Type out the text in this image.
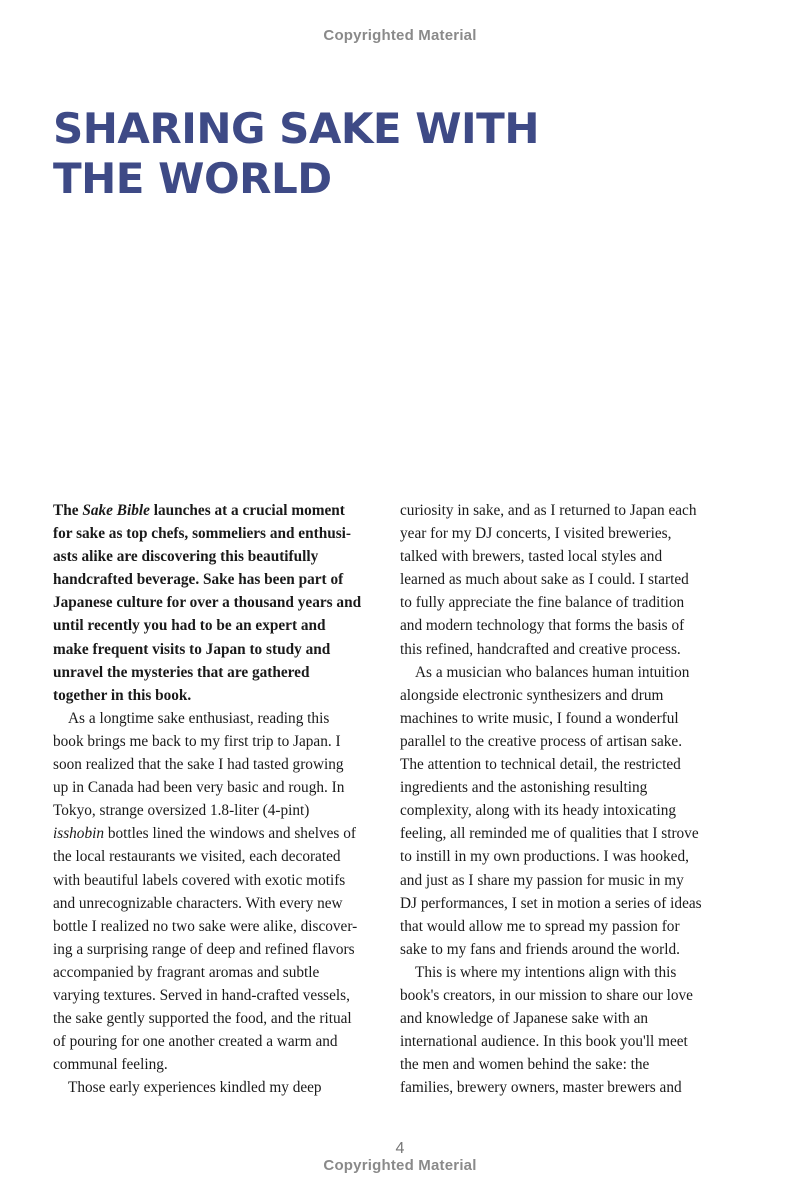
Copyrighted Material
SHARING SAKE WITH
THE WORLD
The Sake Bible launches at a crucial moment
for sake as top chefs, sommeliers and enthusi-
asts alike are discovering this beautifully
handcrafted beverage. Sake has been part of
Japanese culture for over a thousand years and
until recently you had to be an expert and
make frequent visits to Japan to study and
unravel the mysteries that are gathered
together in this book.
As a longtime sake enthusiast, reading this
book brings me back to my first trip to Japan. I
soon realized that the sake I had tasted growing
up in Canada had been very basic and rough. In
Tokyo, strange oversized 1.8-liter (4-pint)
isshobin bottles lined the windows and shelves of
the local restaurants we visited, each decorated
with beautiful labels covered with exotic motifs
and unrecognizable characters. With every new
bottle I realized no two sake were alike, discover-
ing a surprising range of deep and refined flavors
accompanied by fragrant aromas and subtle
varying textures. Served in hand-crafted vessels,
the sake gently supported the food, and the ritual
of pouring for one another created a warm and
communal feeling.
Those early experiences kindled my deep
curiosity in sake, and as I returned to Japan each
year for my DJ concerts, I visited breweries,
talked with brewers, tasted local styles and
learned as much about sake as I could. I started
to fully appreciate the fine balance of tradition
and modern technology that forms the basis of
this refined, handcrafted and creative process.
As a musician who balances human intuition
alongside electronic synthesizers and drum
machines to write music, I found a wonderful
parallel to the creative process of artisan sake.
The attention to technical detail, the restricted
ingredients and the astonishing resulting
complexity, along with its heady intoxicating
feeling, all reminded me of qualities that I strove
to instill in my own productions. I was hooked,
and just as I share my passion for music in my
DJ performances, I set in motion a series of ideas
that would allow me to spread my passion for
sake to my fans and friends around the world.
This is where my intentions align with this
book's creators, in our mission to share our love
and knowledge of Japanese sake with an
international audience. In this book you'll meet
the men and women behind the sake: the
families, brewery owners, master brewers and
4
Copyrighted Material
